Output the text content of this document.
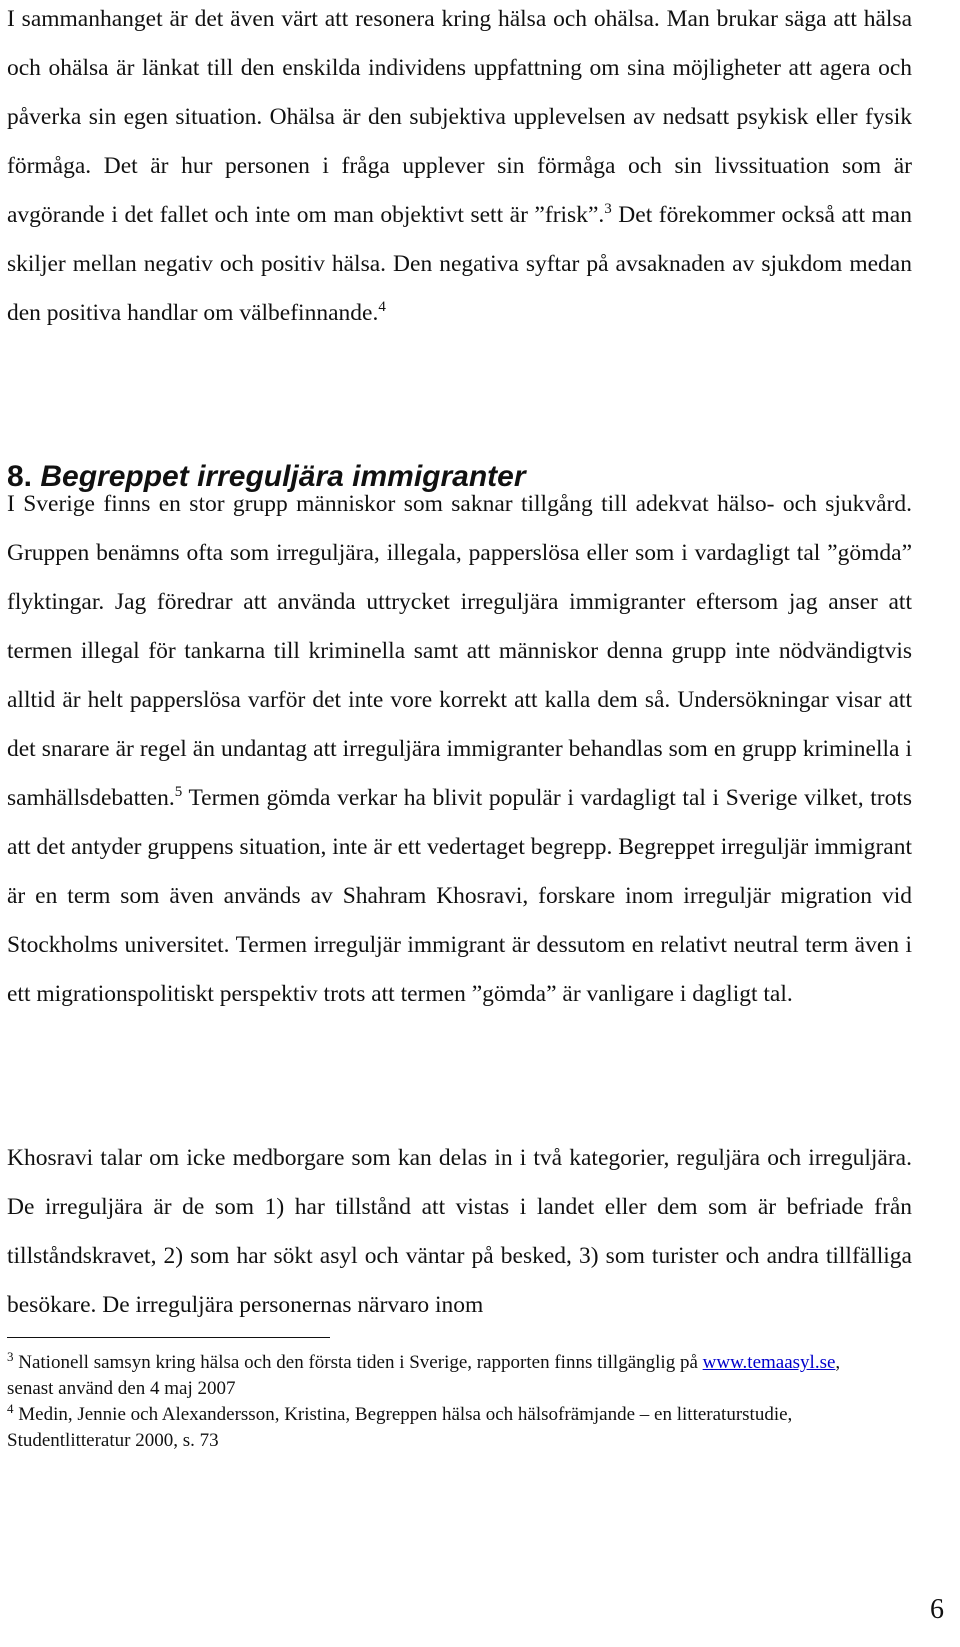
I sammanhanget är det även värt att resonera kring hälsa och ohälsa. Man brukar säga att hälsa och ohälsa är länkat till den enskilda individens uppfattning om sina möjligheter att agera och påverka sin egen situation. Ohälsa är den subjektiva upplevelsen av nedsatt psykisk eller fysik förmåga. Det är hur personen i fråga upplever sin förmåga och sin livssituation som är avgörande i det fallet och inte om man objektivt sett är ”frisk”.$^3$ Det förekommer också att man skiljer mellan negativ och positiv hälsa. Den negativa syftar på avsaknaden av sjukdom medan den positiva handlar om välbefinnande.$^4$

8. Begreppet irreguljära immigranter

I Sverige finns en stor grupp människor som saknar tillgång till adekvat hälso- och sjukvård. Gruppen benämns ofta som irreguljära, illegala, papperslösa eller som i vardagligt tal ”gömda” flyktingar. Jag föredrar att använda uttrycket irreguljära immigranter eftersom jag anser att termen illegal för tankarna till kriminella samt att människor denna grupp inte nödvändigtvis alltid är helt papperslösa varför det inte vore korrekt att kalla dem så. Undersökningar visar att det snarare är regel än undantag att irreguljära immigranter behandlas som en grupp kriminella i samhällsdebatten.$^5$ Termen gömda verkar ha blivit populär i vardagligt tal i Sverige vilket, trots att det antyder gruppens situation, inte är ett vedertaget begrepp. Begreppet irreguljär immigrant är en term som även används av Shahram Khosravi, forskare inom irreguljär migration vid Stockholms universitet. Termen irreguljär immigrant är dessutom en relativt neutral term även i ett migrationspolitiskt perspektiv trots att termen ”gömda” är vanligare i dagligt tal.

Khosravi talar om icke medborgare som kan delas in i två kategorier, reguljära och irreguljära. De irreguljära är de som 1) har tillstånd att vistas i landet eller dem som är befriade från tillståndskravet, 2) som har sökt asyl och väntar på besked, 3) som turister och andra tillfälliga besökare. De irreguljära personernas närvaro inom

$^3$ Nationell samsyn kring hälsa och den första tiden i Sverige, rapporten finns tillgänglig på www.temaasyl.se, senast använd den 4 maj 2007

$^4$ Medin, Jennie och Alexandersson, Kristina, Begreppen hälsa och hälsofrämjande – en litteraturstudie, Studentlitteratur 2000, s. 73

6
